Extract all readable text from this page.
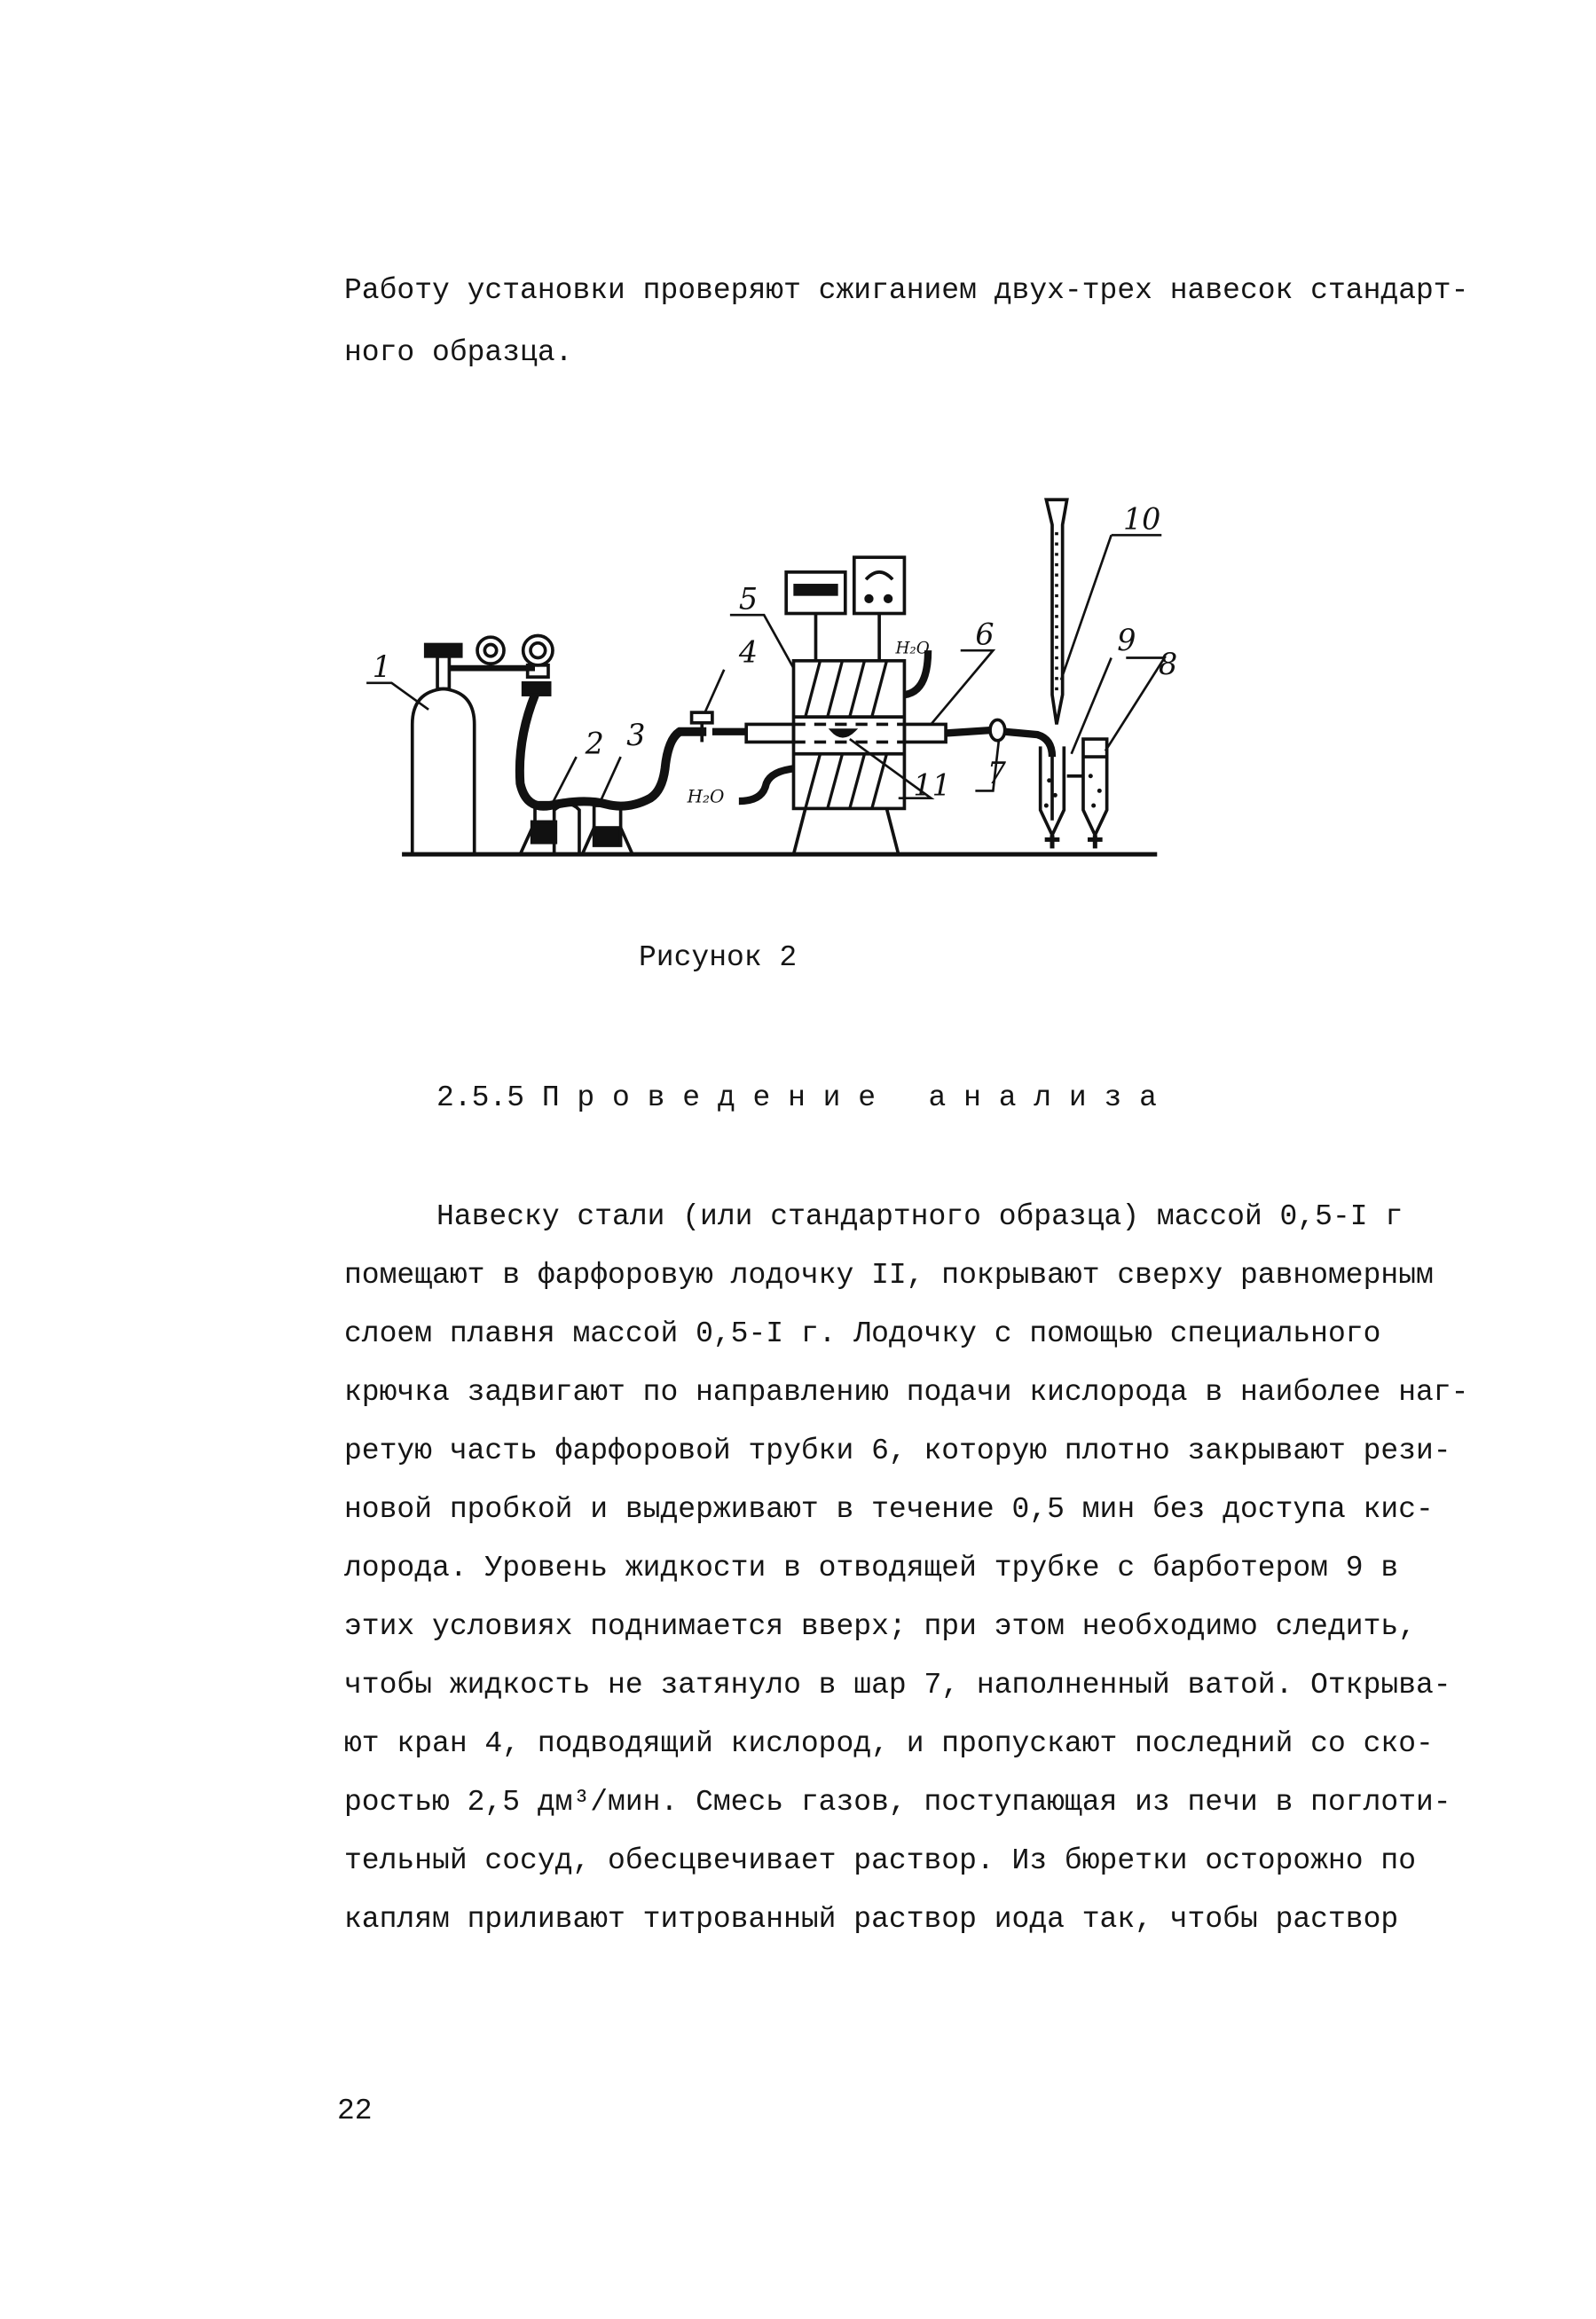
Работу установки проверяют сжиганием двух-трех навесок стандарт-
ного образца.
1
2 3
4
5
6
7
8
9
10
11
H₂O
H₂O
Рисунок 2
2.5.5 П р о в е д е н и е   а н а л и з а
Навеску стали (или стандартного образца) массой 0,5-I г
помещают в фарфоровую лодочку II, покрывают сверху равномерным
слоем плавня массой 0,5-I г. Лодочку с помощью специального
крючка задвигают по направлению подачи кислорода в наиболее наг-
ретую часть фарфоровой трубки 6, которую плотно закрывают рези-
новой пробкой и выдерживают в течение 0,5 мин без доступа кис-
лорода. Уровень жидкости в отводящей трубке с барботером 9 в
этих условиях поднимается вверх; при этом необходимо следить,
чтобы жидкость не затянуло в шар 7, наполненный ватой. Открыва-
ют кран 4, подводящий кислород, и пропускают последний со ско-
ростью 2,5 дм³/мин. Смесь газов, поступающая из печи в поглоти-
тельный сосуд, обесцвечивает раствор. Из бюретки осторожно по
каплям приливают титрованный раствор иода так, чтобы раствор
22
